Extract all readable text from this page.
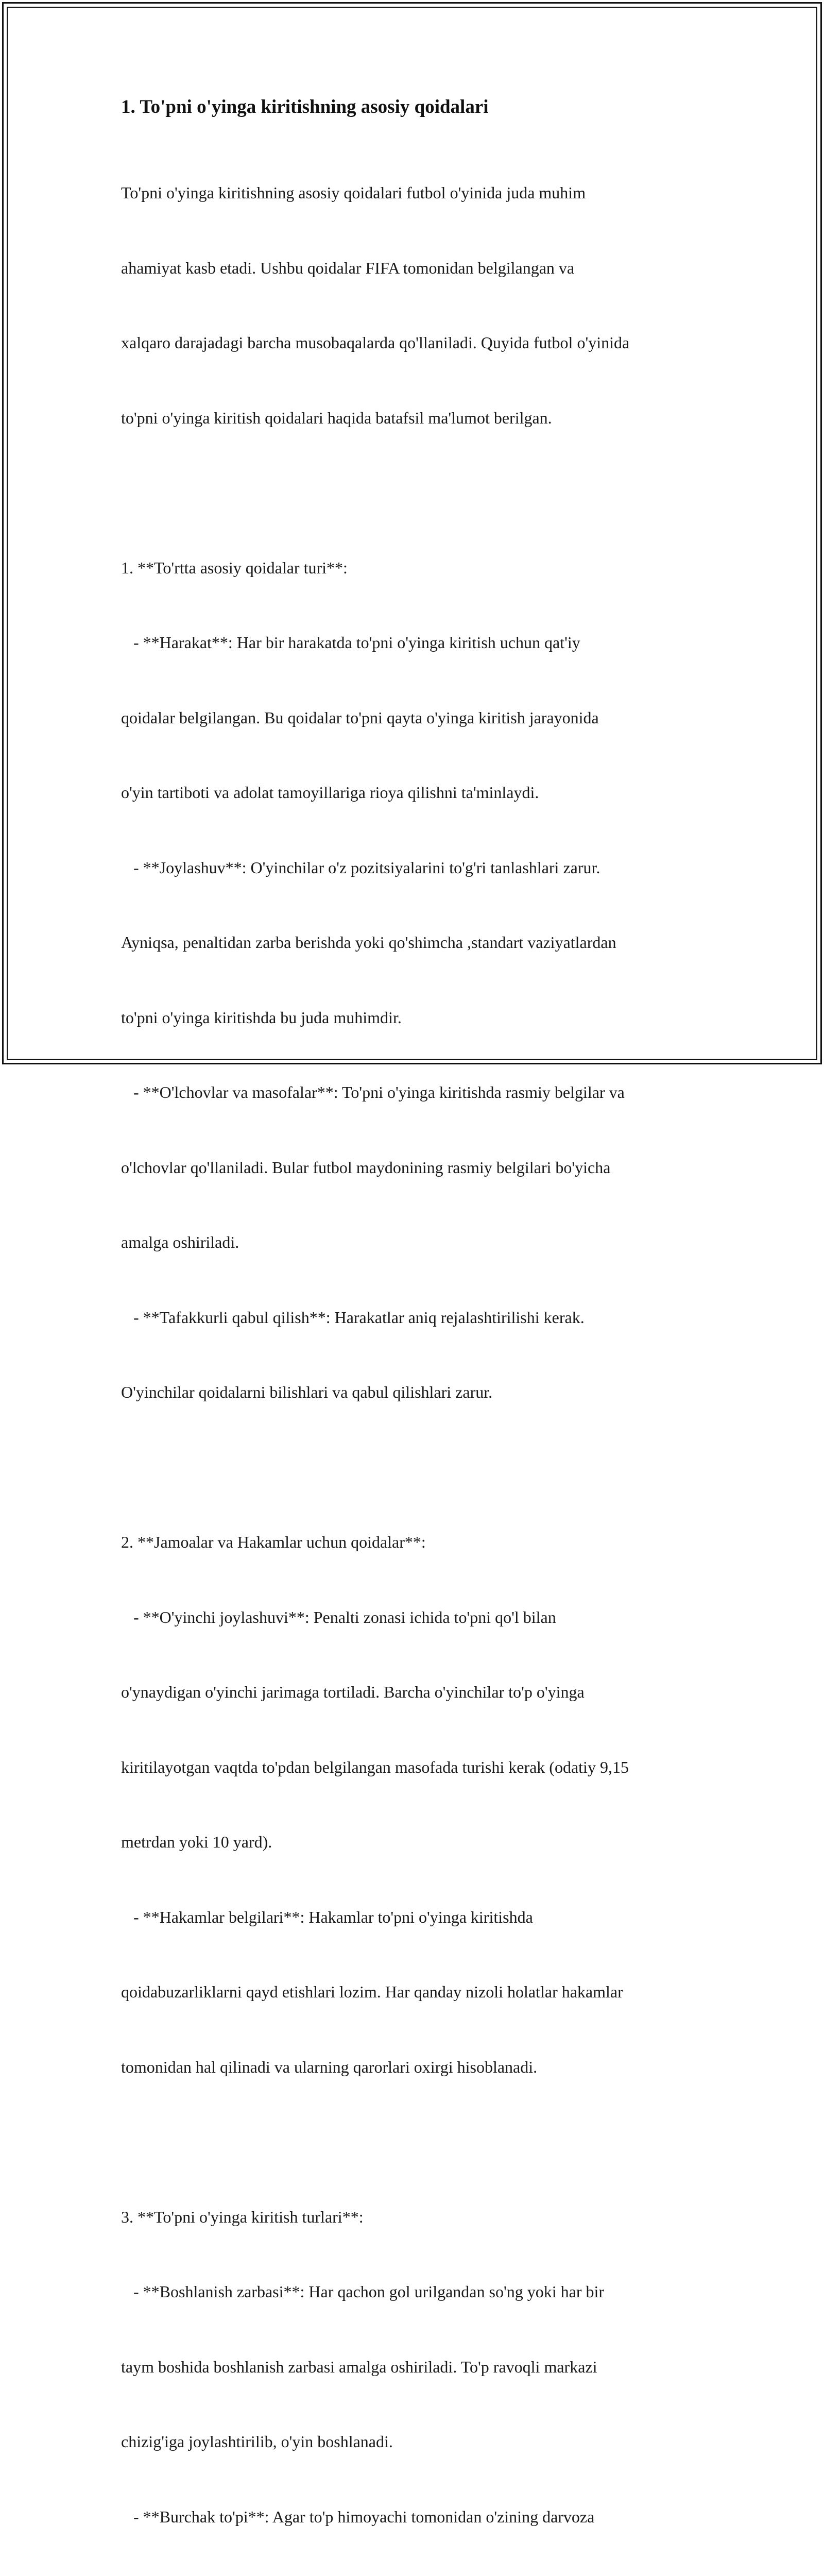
1. To'pni o'yinga kiritishning asosiy qoidalari

To'pni o'yinga kiritishning asosiy qoidalari futbol o'yinida juda muhim

ahamiyat kasb etadi. Ushbu qoidalar FIFA tomonidan belgilangan va

xalqaro darajadagi barcha musobaqalarda qo'llaniladi. Quyida futbol o'yinida

to'pni o'yinga kiritish qoidalari haqida batafsil ma'lumot berilgan.

1. **To'rtta asosiy qoidalar turi**:

- **Harakat**: Har bir harakatda to'pni o'yinga kiritish uchun qat'iy

qoidalar belgilangan. Bu qoidalar to'pni qayta o'yinga kiritish jarayonida

o'yin tartiboti va adolat tamoyillariga rioya qilishni ta'minlaydi.

- **Joylashuv**: O'yinchilar o'z pozitsiyalarini to'g'ri tanlashlari zarur.

Ayniqsa, penaltidan zarba berishda yoki qo'shimcha ,standart vaziyatlardan

to'pni o'yinga kiritishda bu juda muhimdir.

- **O'lchovlar va masofalar**: To'pni o'yinga kiritishda rasmiy belgilar va

o'lchovlar qo'llaniladi. Bular futbol maydonining rasmiy belgilari bo'yicha

amalga oshiriladi.

- **Tafakkurli qabul qilish**: Harakatlar aniq rejalashtirilishi kerak.

O'yinchilar qoidalarni bilishlari va qabul qilishlari zarur.

2. **Jamoalar va Hakamlar uchun qoidalar**:

- **O'yinchi joylashuvi**: Penalti zonasi ichida to'pni qo'l bilan

o'ynaydigan o'yinchi jarimaga tortiladi. Barcha o'yinchilar to'p o'yinga

kiritilayotgan vaqtda to'pdan belgilangan masofada turishi kerak (odatiy 9,15

metrdan yoki 10 yard).

- **Hakamlar belgilari**: Hakamlar to'pni o'yinga kiritishda

qoidabuzarliklarni qayd etishlari lozim. Har qanday nizoli holatlar hakamlar

tomonidan hal qilinadi va ularning qarorlari oxirgi hisoblanadi.

3. **To'pni o'yinga kiritish turlari**:

- **Boshlanish zarbasi**: Har qachon gol urilgandan so'ng yoki har bir

taym boshida boshlanish zarbasi amalga oshiriladi. To'p ravoqli markazi

chizig'iga joylashtirilib, o'yin boshlanadi.

- **Burchak to'pi**: Agar to'p himoyachi tomonidan o'zining darvoza
